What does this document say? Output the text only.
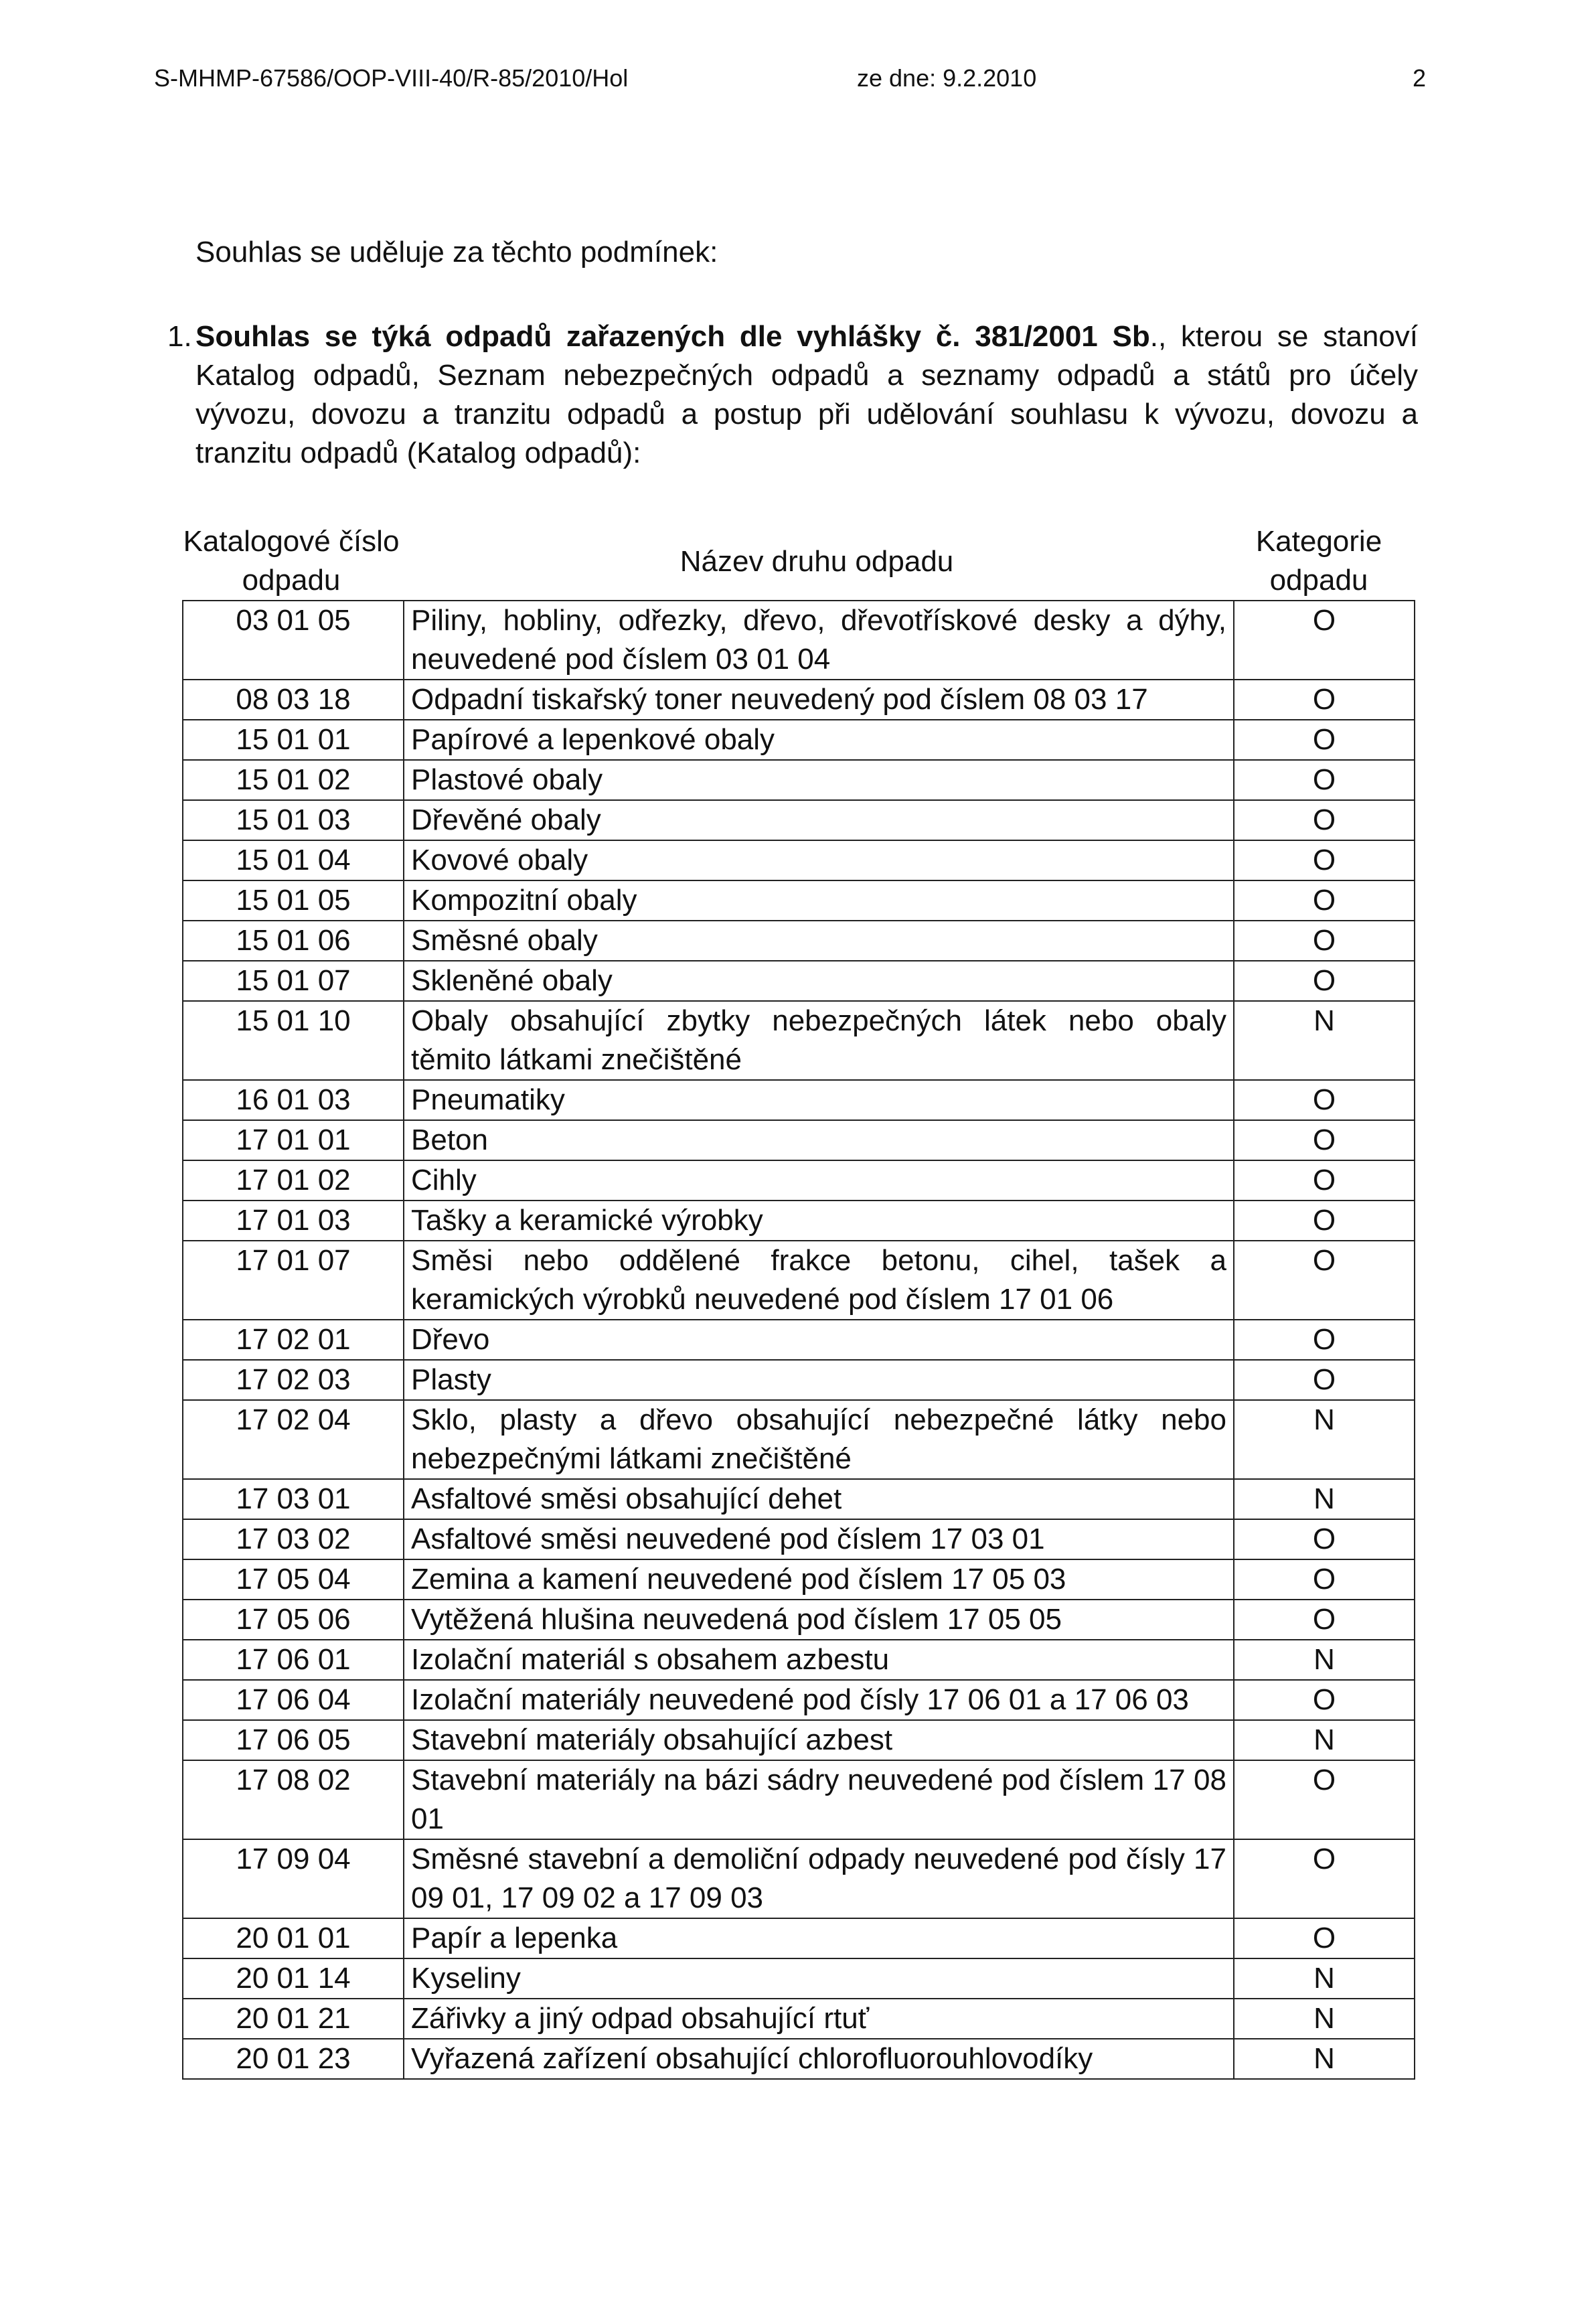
S-MHMP-67586/OOP-VIII-40/R-85/2010/Hol	ze dne: 9.2.2010	2
Souhlas se uděluje za těchto podmínek:
1. Souhlas se týká odpadů zařazených dle vyhlášky č. 381/2001 Sb., kterou se stanoví Katalog odpadů, Seznam nebezpečných odpadů a seznamy odpadů a států pro účely vývozu, dovozu a tranzitu odpadů a postup při udělování souhlasu k vývozu, dovozu a tranzitu odpadů (Katalog odpadů):
Katalogové číslo odpadu
Název druhu odpadu
Kategorie odpadu
03 01 05	Piliny, hobliny, odřezky, dřevo, dřevotřískové desky a dýhy, neuvedené pod číslem 03 01 04	O
08 03 18	Odpadní tiskařský toner neuvedený pod číslem 08 03 17	O
15 01 01	Papírové a lepenkové obaly	O
15 01 02	Plastové obaly	O
15 01 03	Dřevěné obaly	O
15 01 04	Kovové obaly	O
15 01 05	Kompozitní obaly	O
15 01 06	Směsné obaly	O
15 01 07	Skleněné obaly	O
15 01 10	Obaly obsahující zbytky nebezpečných látek nebo obaly těmito látkami znečištěné	N
16 01 03	Pneumatiky	O
17 01 01	Beton	O
17 01 02	Cihly	O
17 01 03	Tašky a keramické výrobky	O
17 01 07	Směsi nebo oddělené frakce betonu, cihel, tašek a keramických výrobků neuvedené pod číslem 17 01 06	O
17 02 01	Dřevo	O
17 02 03	Plasty	O
17 02 04	Sklo, plasty a dřevo obsahující nebezpečné látky nebo nebezpečnými látkami znečištěné	N
17 03 01	Asfaltové směsi obsahující dehet	N
17 03 02	Asfaltové směsi neuvedené pod číslem 17 03 01	O
17 05 04	Zemina a kamení neuvedené pod číslem 17 05 03	O
17 05 06	Vytěžená hlušina neuvedená pod číslem 17 05 05	O
17 06 01	Izolační materiál s obsahem azbestu	N
17 06 04	Izolační materiály neuvedené pod čísly 17 06 01 a 17 06 03	O
17 06 05	Stavební materiály obsahující azbest	N
17 08 02	Stavební materiály na bázi sádry neuvedené pod číslem 17 08 01	O
17 09 04	Směsné stavební a demoliční odpady neuvedené pod čísly 17 09 01, 17 09 02 a 17 09 03	O
20 01 01	Papír a lepenka	O
20 01 14	Kyseliny	N
20 01 21	Zářivky a jiný odpad obsahující rtuť	N
20 01 23	Vyřazená zařízení obsahující chlorofluorouhlovodíky	N
